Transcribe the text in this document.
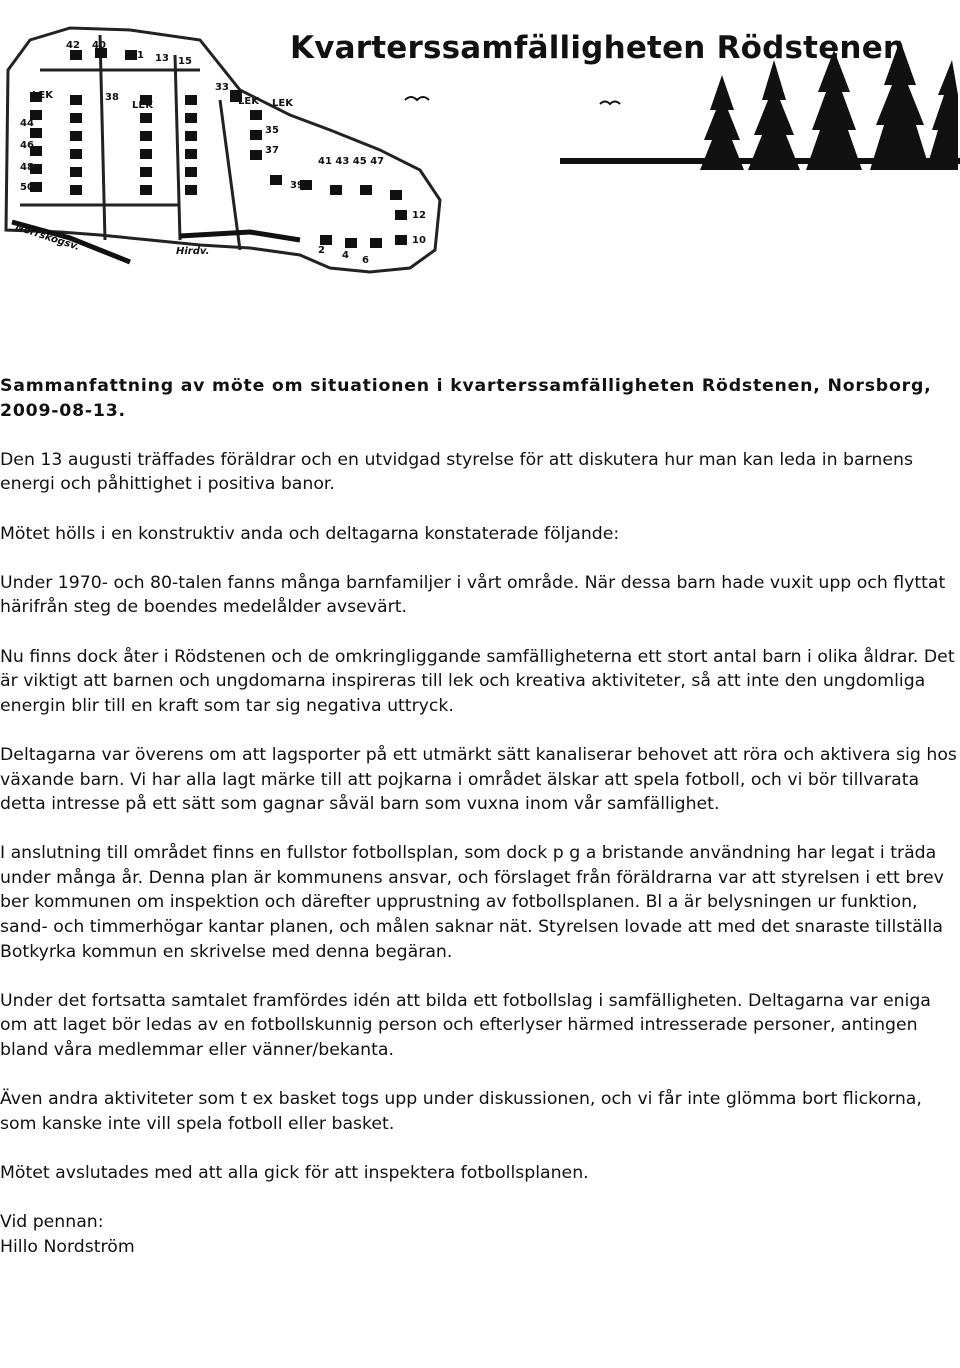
Kvarterssamfälligheten Rödstenen
42 40
11 13 15
38
33
44
46
48
50
35
37
39
12
10
2 4 6
LEK
LEK	LEK LEK
41 43 45 47
Norrskogsv.	Hirdv.

Sammanfattning av möte om situationen i kvarterssamfälligheten Rödstenen, Norsborg, 2009-08-13.

Den 13 augusti träffades föräldrar och en utvidgad styrelse för att diskutera hur man kan leda in barnens energi och påhittighet i positiva banor.

Mötet hölls i en konstruktiv anda och deltagarna konstaterade följande:

Under 1970- och 80-talen fanns många barnfamiljer i vårt område. När dessa barn hade vuxit upp och flyttat härifrån steg de boendes medelålder avsevärt.

Nu finns dock åter i Rödstenen och de omkringliggande samfälligheterna ett stort antal barn i olika åldrar. Det är viktigt att barnen och ungdomarna inspireras till lek och kreativa aktiviteter, så att inte den ungdomliga energin blir till en kraft som tar sig negativa uttryck.

Deltagarna var överens om att lagsporter på ett utmärkt sätt kanaliserar behovet att röra och aktivera sig hos växande barn. Vi har alla lagt märke till att pojkarna i området älskar att spela fotboll, och vi bör tillvarata detta intresse på ett sätt som gagnar såväl barn som vuxna inom vår samfällighet.

I anslutning till området finns en fullstor fotbollsplan, som dock p g a bristande användning har legat i träda under många år. Denna plan är kommunens ansvar, och förslaget från föräldrarna var att styrelsen i ett brev ber kommunen om inspektion och därefter upprustning av fotbollsplanen. Bl a är belysningen ur funktion, sand- och timmerhögar kantar planen, och målen saknar nät. Styrelsen lovade att med det snaraste tillställa Botkyrka kommun en skrivelse med denna begäran.

Under det fortsatta samtalet framfördes idén att bilda ett fotbollslag i samfälligheten. Deltagarna var eniga om att laget bör ledas av en fotbollskunnig person och efterlyser härmed intresserade personer, antingen bland våra medlemmar eller vänner/bekanta.

Även andra aktiviteter som t ex basket togs upp under diskussionen, och vi får inte glömma bort flickorna, som kanske inte vill spela fotboll eller basket.

Mötet avslutades med att alla gick för att inspektera fotbollsplanen.

Vid pennan:

Hillo Nordström
